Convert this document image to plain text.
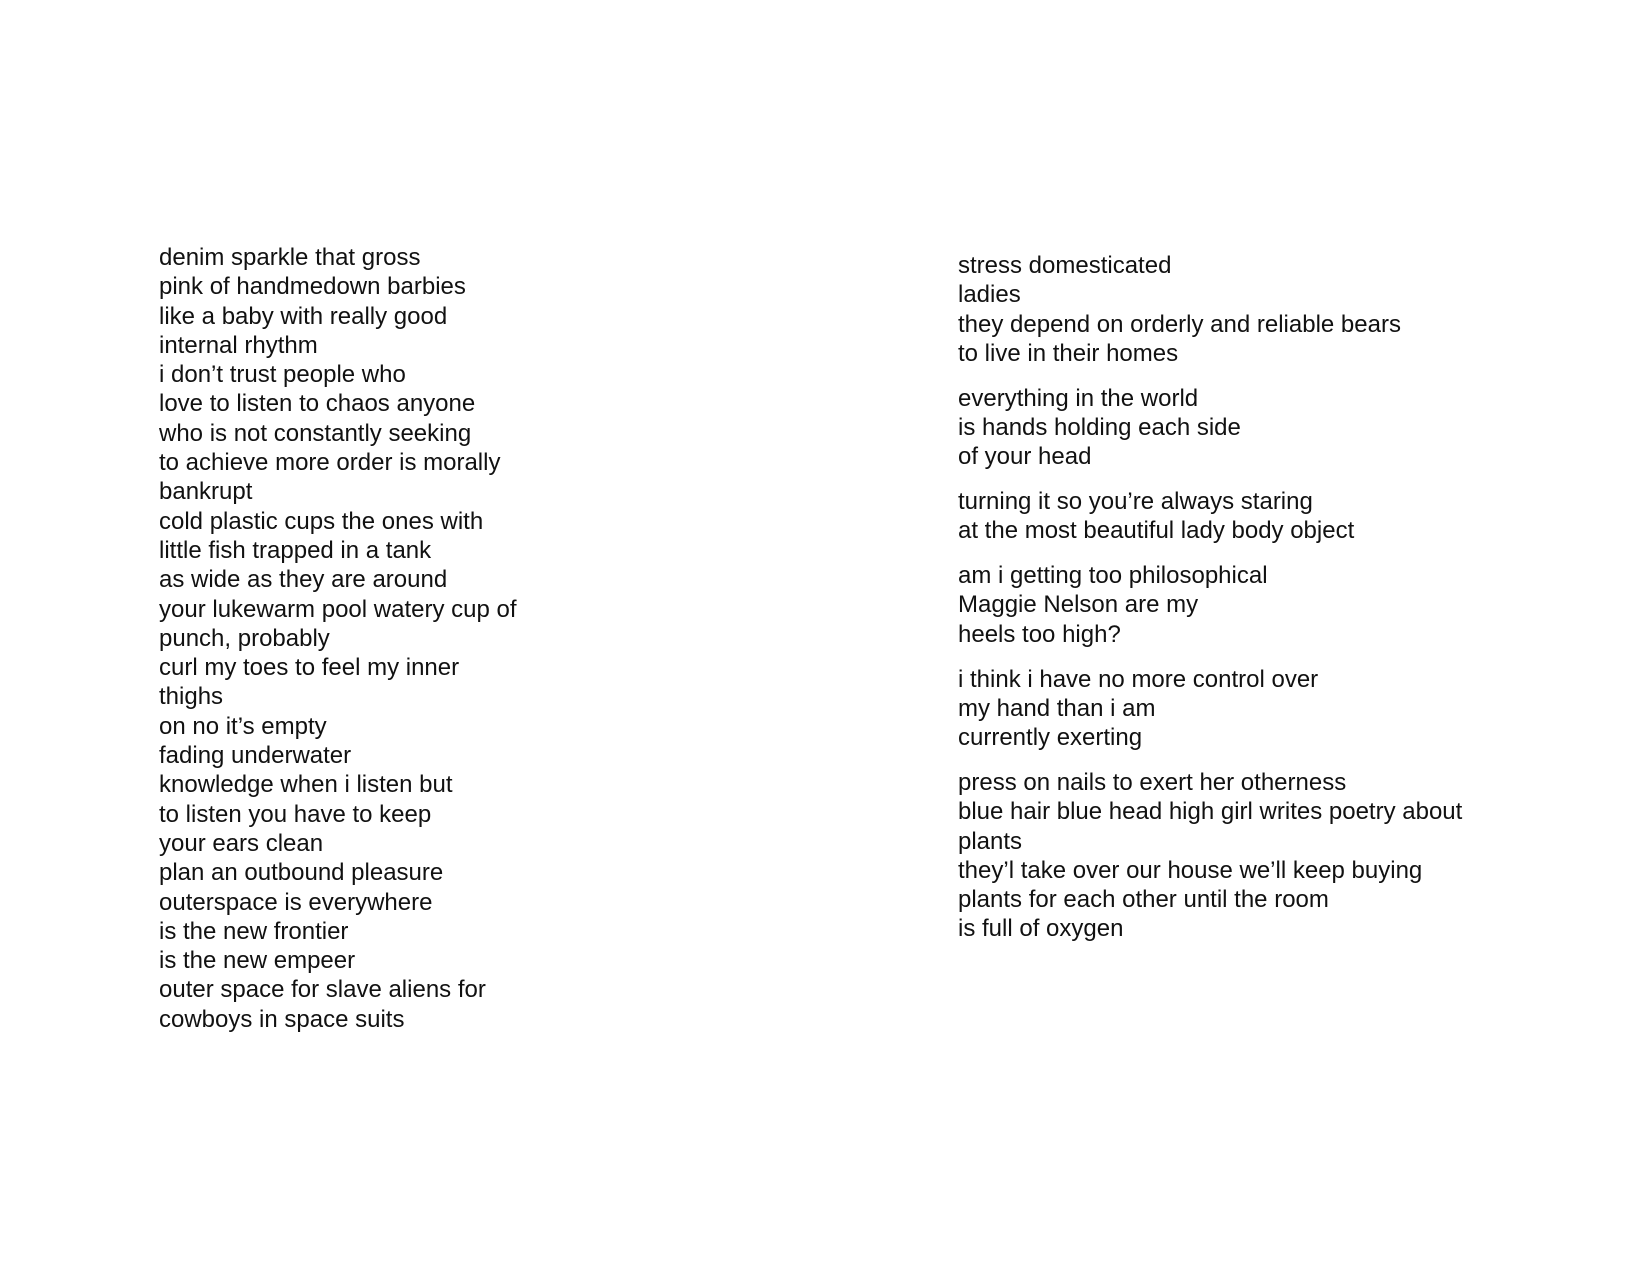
denim sparkle that gross
pink of handmedown barbies
like a baby with really good
internal rhythm
i don’t trust people who
love to listen to chaos anyone
who is not constantly seeking
to achieve more order is morally
bankrupt
cold plastic cups the ones with
little fish trapped in a tank
as wide as they are around
your lukewarm pool watery cup of
punch, probably
curl my toes to feel my inner
thighs
on no it’s empty
fading underwater
knowledge when i listen but
to listen you have to keep
your ears clean
plan an outbound pleasure
outerspace is everywhere
is the new frontier
is the new empeer
outer space for slave aliens for
cowboys in space suits
stress domesticated
ladies
they depend on orderly and reliable bears
to live in their homes
everything in the world
is hands holding each side
of your head
turning it so you’re always staring
at the most beautiful lady body object
am i getting too philosophical
Maggie Nelson are my
heels too high?
i think i have no more control over
my hand than i am
currently exerting
press on nails to exert her otherness
blue hair blue head high girl writes poetry about
plants
they’l take over our house we’ll keep buying
plants for each other until the room
is full of oxygen
